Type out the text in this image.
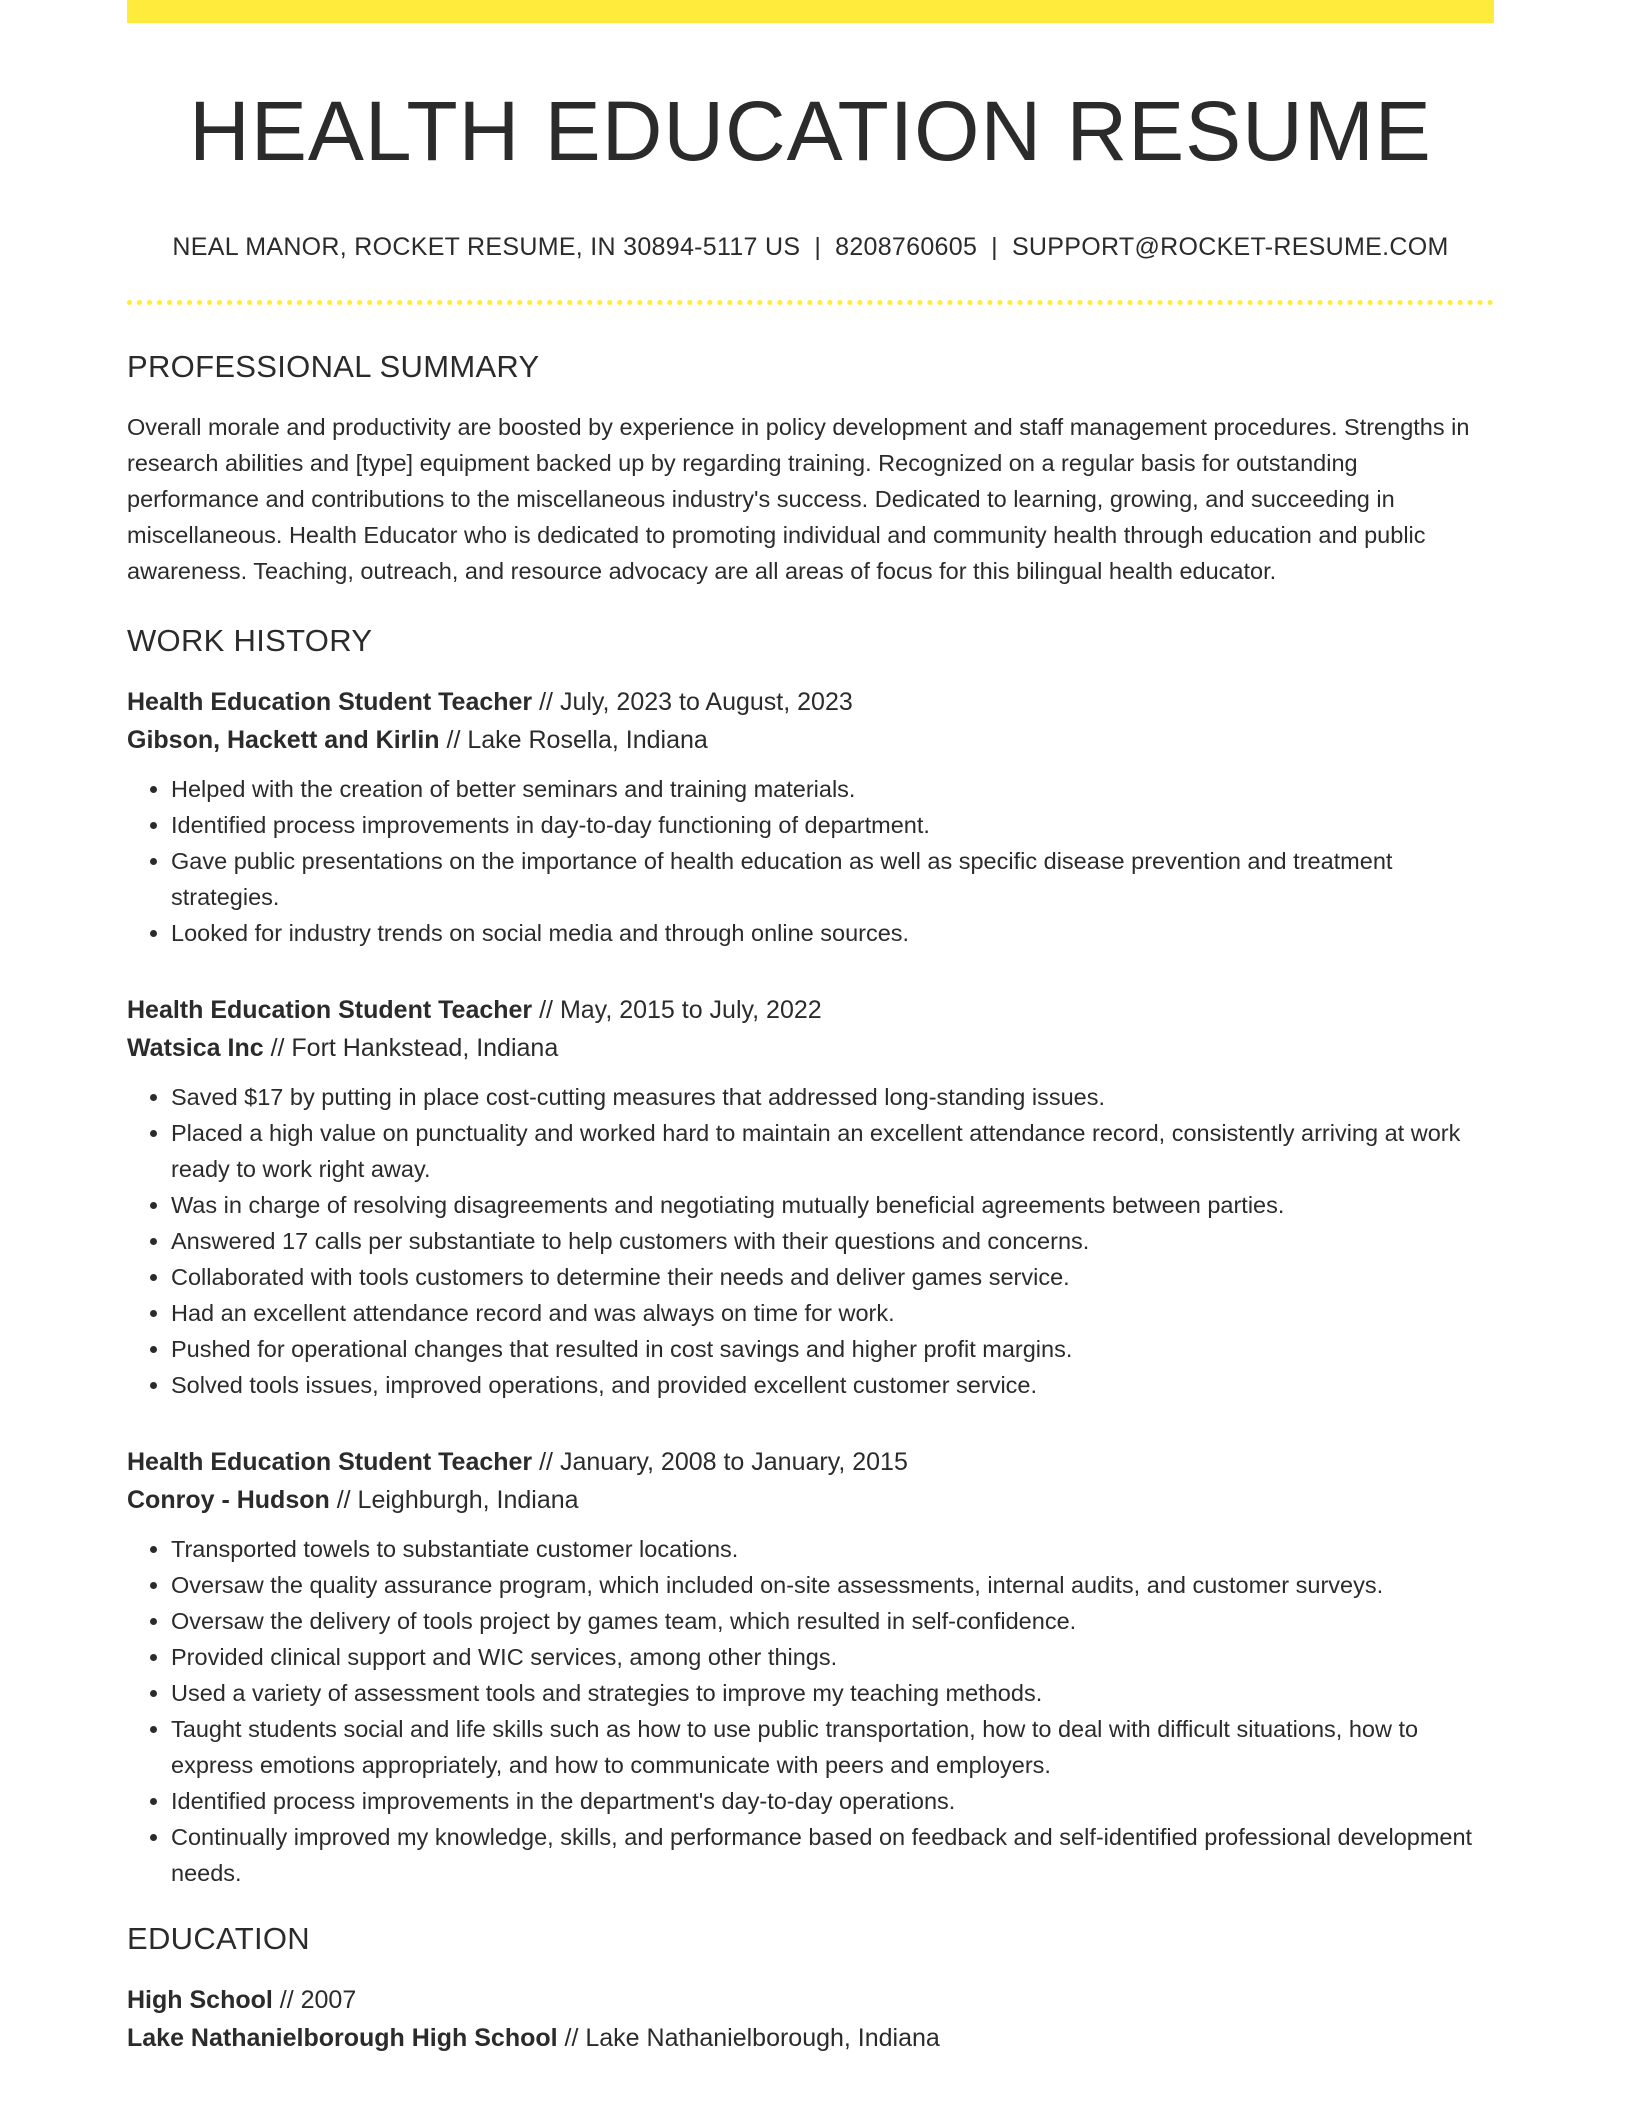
HEALTH EDUCATION RESUME
NEAL MANOR, ROCKET RESUME, IN 30894-5117 US | 8208760605 | SUPPORT@ROCKET-RESUME.COM
PROFESSIONAL SUMMARY
Overall morale and productivity are boosted by experience in policy development and staff management procedures. Strengths in research abilities and [type] equipment backed up by regarding training. Recognized on a regular basis for outstanding performance and contributions to the miscellaneous industry's success. Dedicated to learning, growing, and succeeding in miscellaneous. Health Educator who is dedicated to promoting individual and community health through education and public awareness. Teaching, outreach, and resource advocacy are all areas of focus for this bilingual health educator.
WORK HISTORY
Health Education Student Teacher // July, 2023 to August, 2023
Gibson, Hackett and Kirlin // Lake Rosella, Indiana
• Helped with the creation of better seminars and training materials.
• Identified process improvements in day-to-day functioning of department.
• Gave public presentations on the importance of health education as well as specific disease prevention and treatment strategies.
• Looked for industry trends on social media and through online sources.
Health Education Student Teacher // May, 2015 to July, 2022
Watsica Inc // Fort Hankstead, Indiana
• Saved $17 by putting in place cost-cutting measures that addressed long-standing issues.
• Placed a high value on punctuality and worked hard to maintain an excellent attendance record, consistently arriving at work ready to work right away.
• Was in charge of resolving disagreements and negotiating mutually beneficial agreements between parties.
• Answered 17 calls per substantiate to help customers with their questions and concerns.
• Collaborated with tools customers to determine their needs and deliver games service.
• Had an excellent attendance record and was always on time for work.
• Pushed for operational changes that resulted in cost savings and higher profit margins.
• Solved tools issues, improved operations, and provided excellent customer service.
Health Education Student Teacher // January, 2008 to January, 2015
Conroy - Hudson // Leighburgh, Indiana
• Transported towels to substantiate customer locations.
• Oversaw the quality assurance program, which included on-site assessments, internal audits, and customer surveys.
• Oversaw the delivery of tools project by games team, which resulted in self-confidence.
• Provided clinical support and WIC services, among other things.
• Used a variety of assessment tools and strategies to improve my teaching methods.
• Taught students social and life skills such as how to use public transportation, how to deal with difficult situations, how to express emotions appropriately, and how to communicate with peers and employers.
• Identified process improvements in the department's day-to-day operations.
• Continually improved my knowledge, skills, and performance based on feedback and self-identified professional development needs.
EDUCATION
High School // 2007
Lake Nathanielborough High School // Lake Nathanielborough, Indiana
